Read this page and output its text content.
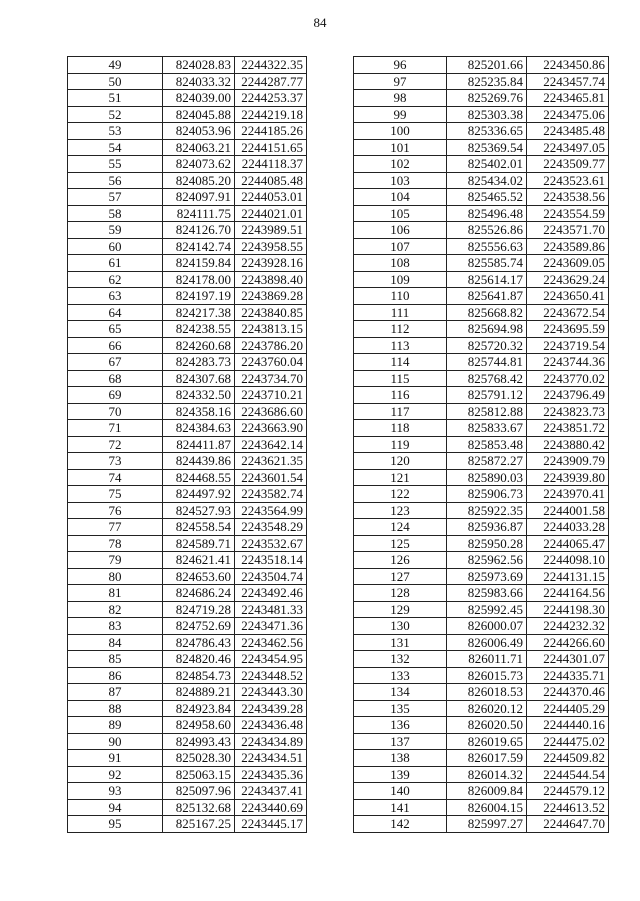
84
49	824028.83	2244322.35
50	824033.32	2244287.77
51	824039.00	2244253.37
52	824045.88	2244219.18
53	824053.96	2244185.26
54	824063.21	2244151.65
55	824073.62	2244118.37
56	824085.20	2244085.48
57	824097.91	2244053.01
58	824111.75	2244021.01
59	824126.70	2243989.51
60	824142.74	2243958.55
61	824159.84	2243928.16
62	824178.00	2243898.40
63	824197.19	2243869.28
64	824217.38	2243840.85
65	824238.55	2243813.15
66	824260.68	2243786.20
67	824283.73	2243760.04
68	824307.68	2243734.70
69	824332.50	2243710.21
70	824358.16	2243686.60
71	824384.63	2243663.90
72	824411.87	2243642.14
73	824439.86	2243621.35
74	824468.55	2243601.54
75	824497.92	2243582.74
76	824527.93	2243564.99
77	824558.54	2243548.29
78	824589.71	2243532.67
79	824621.41	2243518.14
80	824653.60	2243504.74
81	824686.24	2243492.46
82	824719.28	2243481.33
83	824752.69	2243471.36
84	824786.43	2243462.56
85	824820.46	2243454.95
86	824854.73	2243448.52
87	824889.21	2243443.30
88	824923.84	2243439.28
89	824958.60	2243436.48
90	824993.43	2243434.89
91	825028.30	2243434.51
92	825063.15	2243435.36
93	825097.96	2243437.41
94	825132.68	2243440.69
95	825167.25	2243445.17
96	825201.66	2243450.86
97	825235.84	2243457.74
98	825269.76	2243465.81
99	825303.38	2243475.06
100	825336.65	2243485.48
101	825369.54	2243497.05
102	825402.01	2243509.77
103	825434.02	2243523.61
104	825465.52	2243538.56
105	825496.48	2243554.59
106	825526.86	2243571.70
107	825556.63	2243589.86
108	825585.74	2243609.05
109	825614.17	2243629.24
110	825641.87	2243650.41
111	825668.82	2243672.54
112	825694.98	2243695.59
113	825720.32	2243719.54
114	825744.81	2243744.36
115	825768.42	2243770.02
116	825791.12	2243796.49
117	825812.88	2243823.73
118	825833.67	2243851.72
119	825853.48	2243880.42
120	825872.27	2243909.79
121	825890.03	2243939.80
122	825906.73	2243970.41
123	825922.35	2244001.58
124	825936.87	2244033.28
125	825950.28	2244065.47
126	825962.56	2244098.10
127	825973.69	2244131.15
128	825983.66	2244164.56
129	825992.45	2244198.30
130	826000.07	2244232.32
131	826006.49	2244266.60
132	826011.71	2244301.07
133	826015.73	2244335.71
134	826018.53	2244370.46
135	826020.12	2244405.29
136	826020.50	2244440.16
137	826019.65	2244475.02
138	826017.59	2244509.82
139	826014.32	2244544.54
140	826009.84	2244579.12
141	826004.15	2244613.52
142	825997.27	2244647.70
